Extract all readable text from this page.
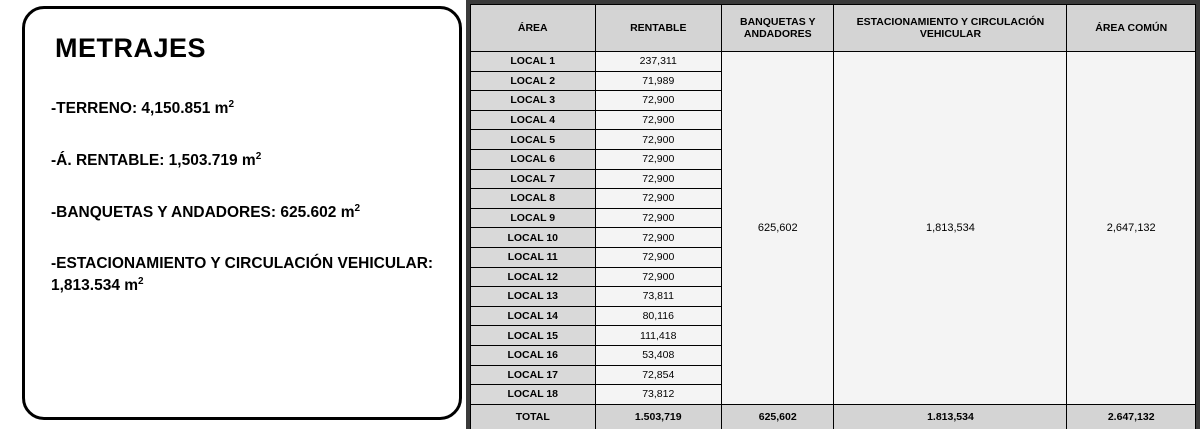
METRAJES
-TERRENO: 4,150.851 $m^2$
-Á. RENTABLE: 1,503.719 $m^2$
-BANQUETAS Y ANDADORES: 625.602 $m^2$
-ESTACIONAMIENTO Y CIRCULACIÓN VEHICULAR: 1,813.534 $m^2$
ÁREA	RENTABLE	BANQUETAS Y ANDADORES	ESTACIONAMIENTO Y CIRCULACIÓN VEHICULAR	ÁREA COMÚN
LOCAL 1	237,311	625,602	1,813,534	2,647,132
LOCAL 2	71,989			
LOCAL 3	72,900			
LOCAL 4	72,900			
LOCAL 5	72,900			
LOCAL 6	72,900			
LOCAL 7	72,900			
LOCAL 8	72,900			
LOCAL 9	72,900			
LOCAL 10	72,900			
LOCAL 11	72,900			
LOCAL 12	72,900			
LOCAL 13	73,811			
LOCAL 14	80,116			
LOCAL 15	111,418			
LOCAL 16	53,408			
LOCAL 17	72,854			
LOCAL 18	73,812			
TOTAL	1.503,719	625,602	1.813,534	2.647,132
